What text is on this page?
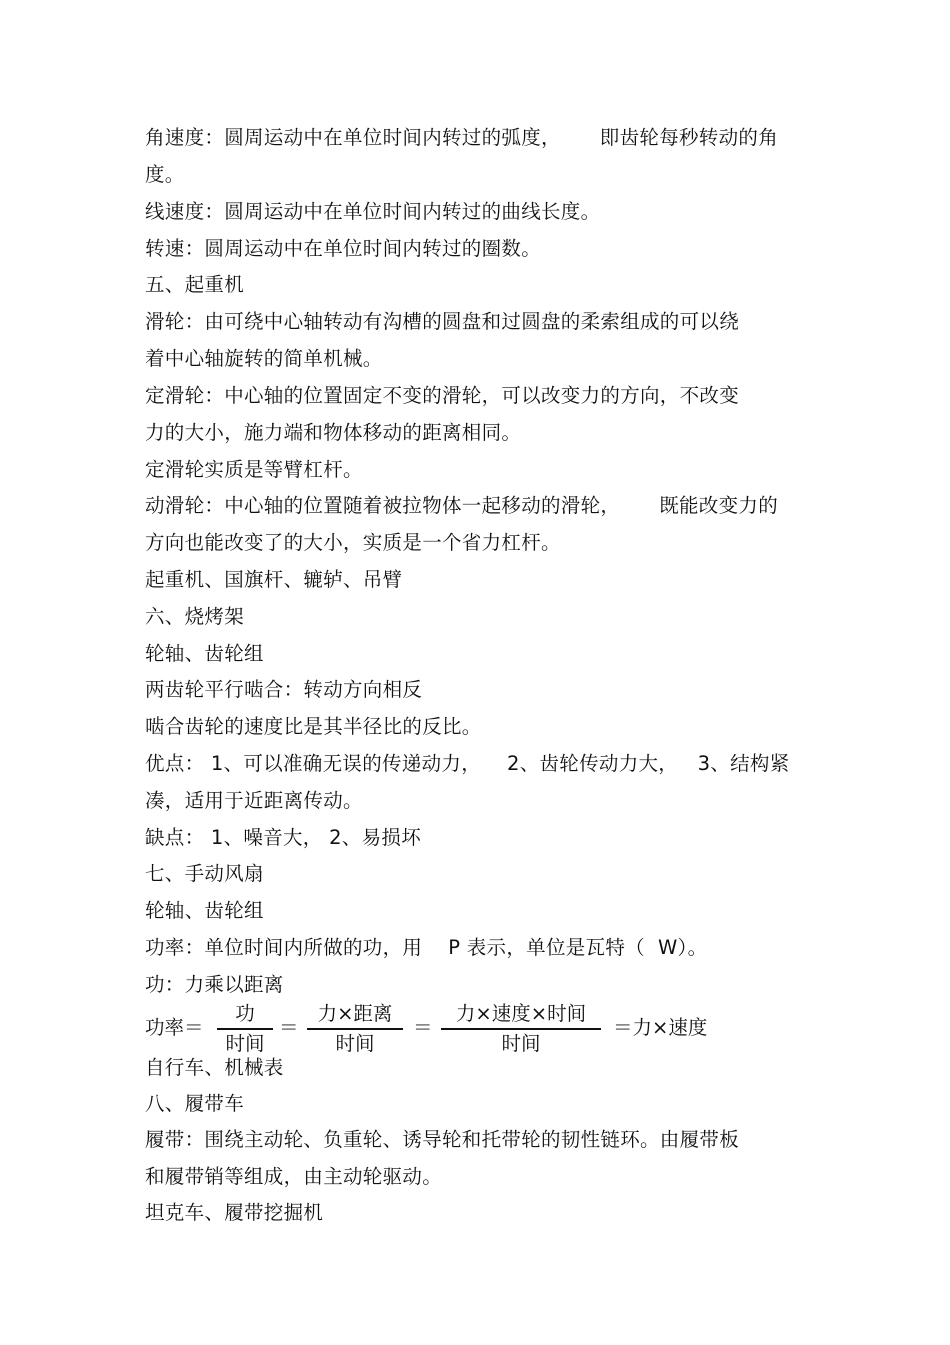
角速度：圆周运动中在单位时间内转过的弧度，      即齿轮每秒转动的角
度。
线速度：圆周运动中在单位时间内转过的曲线长度。
转速：圆周运动中在单位时间内转过的圈数。
五、起重机
滑轮：由可绕中心轴转动有沟槽的圆盘和过圆盘的柔索组成的可以绕
着中心轴旋转的简单机械。
定滑轮：中心轴的位置固定不变的滑轮，可以改变力的方向，不改变
力的大小，施力端和物体移动的距离相同。
定滑轮实质是等臂杠杆。
动滑轮：中心轴的位置随着被拉物体一起移动的滑轮，      既能改变力的
方向也能改变了的大小，实质是一个省力杠杆。
起重机、国旗杆、辘轳、吊臂
六、烧烤架
轮轴、齿轮组
两齿轮平行啮合：转动方向相反
啮合齿轮的速度比是其半径比的反比。
优点： 1、可以准确无误的传递动力，    2、齿轮传动力大，   3、结构紧
凑，适用于近距离传动。
缺点： 1、噪音大， 2、易损坏
七、手动风扇
轮轴、齿轮组
功率：单位时间内所做的功，用    P 表示，单位是瓦特（  W）。
功：力乘以距离
功率＝
功
时间
＝
力×距离
时间
＝
力×速度×时间
时间
＝力×速度
自行车、机械表
八、履带车
履带：围绕主动轮、负重轮、诱导轮和托带轮的韧性链环。由履带板
和履带销等组成，由主动轮驱动。
坦克车、履带挖掘机
